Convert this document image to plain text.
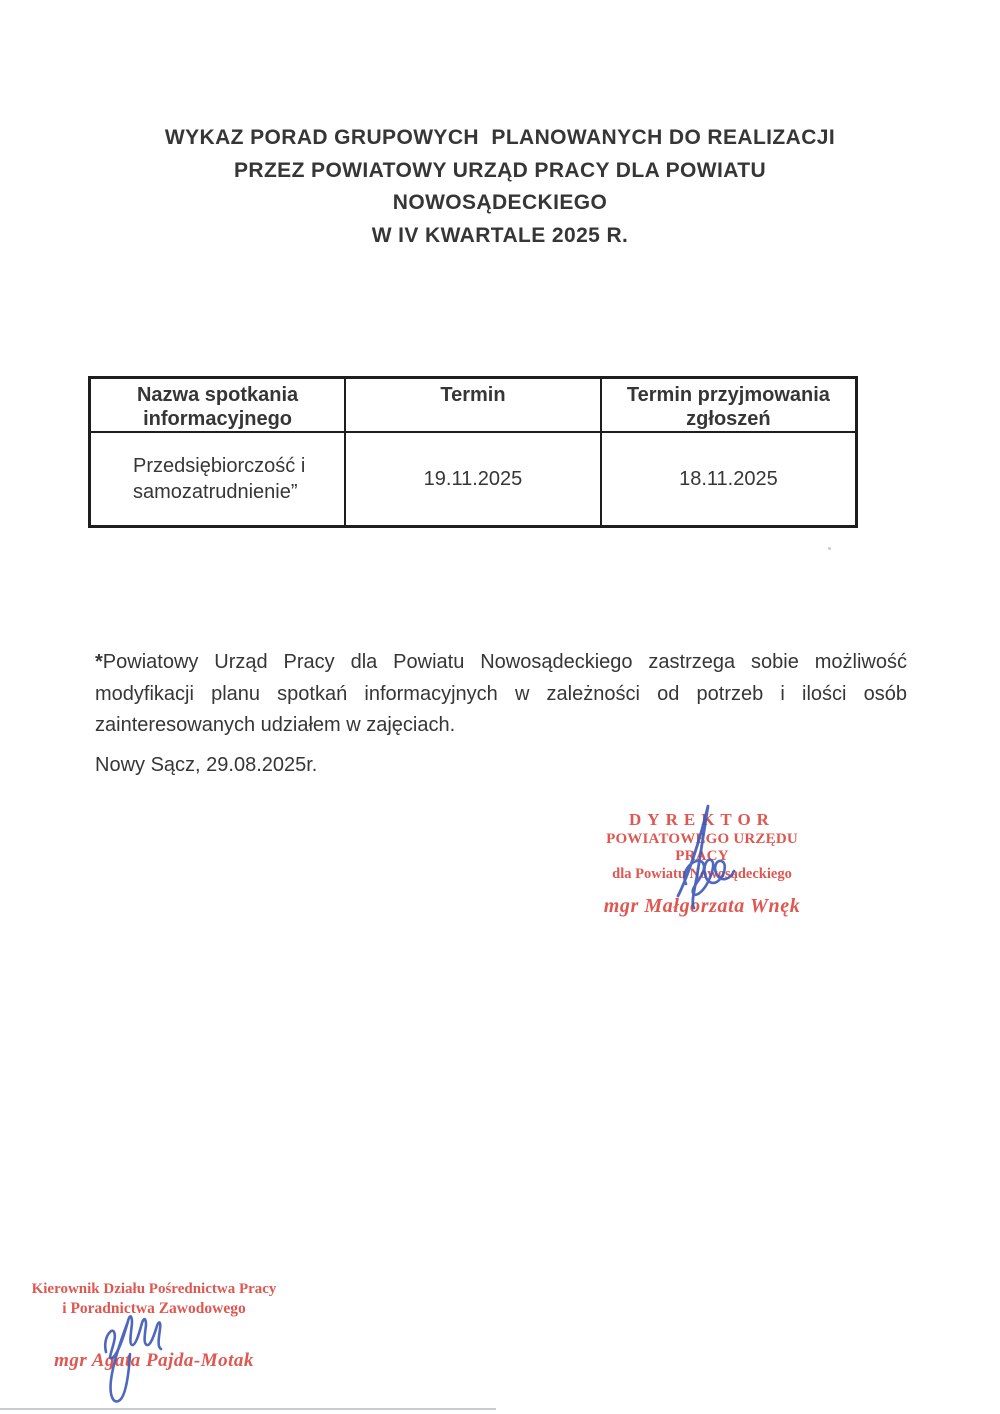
WYKAZ PORAD GRUPOWYCH  PLANOWANYCH DO REALIZACJI
PRZEZ POWIATOWY URZĄD PRACY DLA POWIATU
NOWOSĄDECKIEGO
W IV KWARTALE 2025 R.
Nazwa spotkania informacyjnego	Termin	Termin przyjmowania zgłoszeń
Przedsiębiorczość i samozatrudnienie”	19.11.2025	18.11.2025
*Powiatowy Urząd Pracy dla Powiatu Nowosądeckiego zastrzega sobie możliwość
modyfikacji planu spotkań informacyjnych w zależności od potrzeb i ilości osób
zainteresowanych udziałem w zajęciach.
Nowy Sącz, 29.08.2025r.
DYREKTOR
POWIATOWEGO URZĘDU PRACY
dla Powiatu Nowosądeckiego
mgr Małgorzata Wnęk
Kierownik Działu Pośrednictwa Pracy
i Poradnictwa Zawodowego
mgr Agata Pajda-Motak
